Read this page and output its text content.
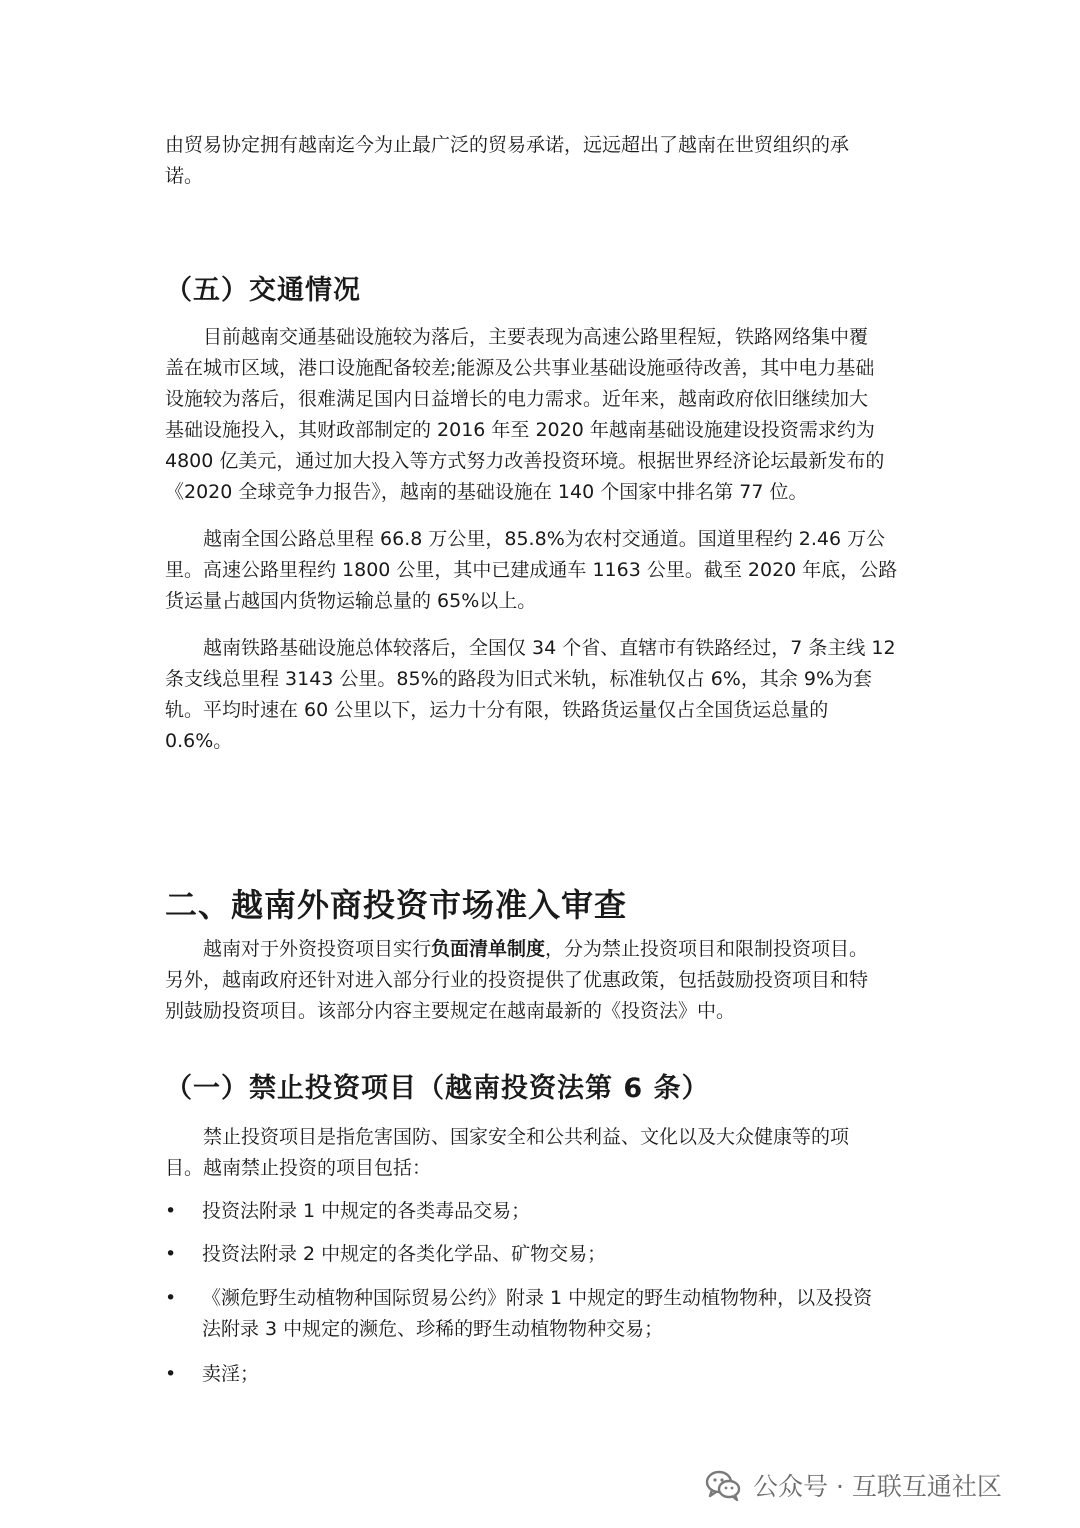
由贸易协定拥有越南迄今为止最广泛的贸易承诺，远远超出了越南在世贸组织的承
诺。
（五）交通情况
目前越南交通基础设施较为落后，主要表现为高速公路里程短，铁路网络集中覆
盖在城市区域，港口设施配备较差;能源及公共事业基础设施亟待改善，其中电力基础
设施较为落后，很难满足国内日益增长的电力需求。近年来，越南政府依旧继续加大
基础设施投入，其财政部制定的 2016 年至 2020 年越南基础设施建设投资需求约为
4800 亿美元，通过加大投入等方式努力改善投资环境。根据世界经济论坛最新发布的
《2020 全球竞争力报告》，越南的基础设施在 140 个国家中排名第 77 位。
越南全国公路总里程 66.8 万公里，85.8%为农村交通道。国道里程约 2.46 万公
里。高速公路里程约 1800 公里，其中已建成通车 1163 公里。截至 2020 年底，公路
货运量占越国内货物运输总量的 65%以上。
越南铁路基础设施总体较落后，全国仅 34 个省、直辖市有铁路经过，7 条主线 12
条支线总里程 3143 公里。85%的路段为旧式米轨，标准轨仅占 6%，其余 9%为套
轨。平均时速在 60 公里以下，运力十分有限，铁路货运量仅占全国货运总量的
0.6%。
二、越南外商投资市场准入审查
越南对于外资投资项目实行负面清单制度，分为禁止投资项目和限制投资项目。
另外，越南政府还针对进入部分行业的投资提供了优惠政策，包括鼓励投资项目和特
别鼓励投资项目。该部分内容主要规定在越南最新的《投资法》中。
（一）禁止投资项目（越南投资法第 6 条）
禁止投资项目是指危害国防、国家安全和公共利益、文化以及大众健康等的项
目。越南禁止投资的项目包括：
•	投资法附录 1 中规定的各类毒品交易；
•	投资法附录 2 中规定的各类化学品、矿物交易；
•	《濒危野生动植物种国际贸易公约》附录 1 中规定的野生动植物物种，以及投资
法附录 3 中规定的濒危、珍稀的野生动植物物种交易；
•	卖淫；
公众号 · 互联互通社区
